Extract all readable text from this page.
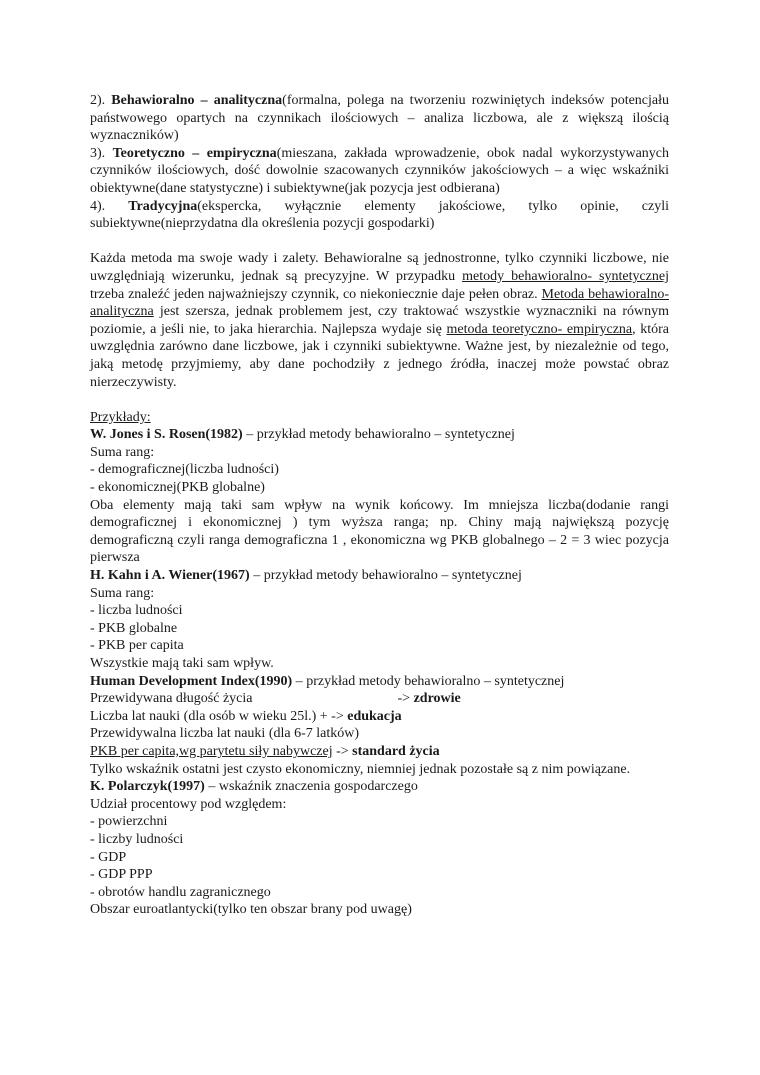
2). Behawioralno – analityczna(formalna, polega na tworzeniu rozwiniętych indeksów potencjału państwowego opartych na czynnikach ilościowych – analiza liczbowa, ale z większą ilością wyznaczników)

3). Teoretyczno – empiryczna(mieszana, zakłada wprowadzenie, obok nadal wykorzystywanych czynników ilościowych, dość dowolnie szacowanych czynników jakościowych – a więc wskaźniki obiektywne(dane statystyczne) i subiektywne(jak pozycja jest odbierana)

4). Tradycyjna(ekspercka, wyłącznie elementy jakościowe, tylko opinie, czyli subiektywne(nieprzydatna dla określenia pozycji gospodarki)

Każda metoda ma swoje wady i zalety. Behawioralne są jednostronne, tylko czynniki liczbowe, nie uwzględniają wizerunku, jednak są precyzyjne. W przypadku metody behawioralno- syntetycznej trzeba znaleźć jeden najważniejszy czynnik, co niekoniecznie daje pełen obraz. Metoda behawioralno- analityczna jest szersza, jednak problemem jest, czy traktować wszystkie wyznaczniki na równym poziomie, a jeśli nie, to jaka hierarchia. Najlepsza wydaje się metoda teoretyczno- empiryczna, która uwzględnia zarówno dane liczbowe, jak i czynniki subiektywne. Ważne jest, by niezależnie od tego, jaką metodę przyjmiemy, aby dane pochodziły z jednego źródła, inaczej może powstać obraz nierzeczywisty.

Przykłady:

W. Jones i S. Rosen(1982) – przykład metody behawioralno – syntetycznej

Suma rang:

- demograficznej(liczba ludności)

- ekonomicznej(PKB globalne)

Oba elementy mają taki sam wpływ na wynik końcowy. Im mniejsza liczba(dodanie rangi demograficznej i ekonomicznej ) tym wyższa ranga; np. Chiny mają największą pozycję demograficzną czyli ranga demograficzna 1 , ekonomiczna wg PKB globalnego – 2 = 3 wiec pozycja pierwsza

H. Kahn i A. Wiener(1967) – przykład metody behawioralno – syntetycznej

Suma rang:

- liczba ludności

- PKB globalne

- PKB per capita

Wszystkie mają taki sam wpływ.

Human Development Index(1990) – przykład metody behawioralno – syntetycznej

Przewidywana długość życia	-> zdrowie

Liczba lat nauki (dla osób w wieku 25l.) + -> edukacja

Przewidywalna liczba lat nauki (dla 6-7 latków)

PKB per capita,wg parytetu siły nabywczej -> standard życia

Tylko wskaźnik ostatni jest czysto ekonomiczny, niemniej jednak pozostałe są z nim powiązane.

K. Polarczyk(1997) – wskaźnik znaczenia gospodarczego

Udział procentowy pod względem:

- powierzchni

- liczby ludności

- GDP

- GDP PPP

- obrotów handlu zagranicznego

Obszar euroatlantycki(tylko ten obszar brany pod uwagę)
